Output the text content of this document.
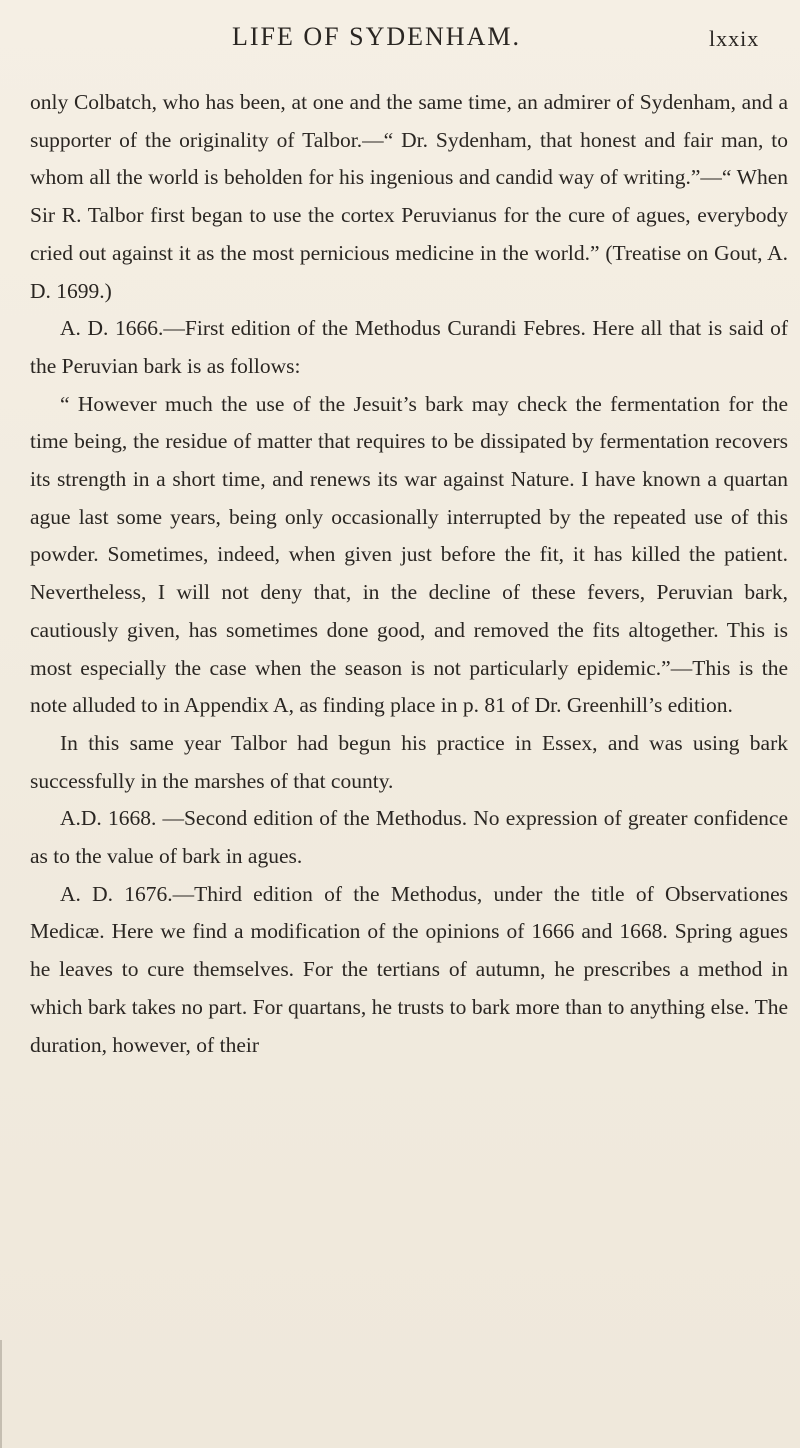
LIFE OF SYDENHAM.	lxxix

only Colbatch, who has been, at one and the same time, an admirer of Sydenham, and a supporter of the originality of Talbor.—“ Dr. Sydenham, that honest and fair man, to whom all the world is beholden for his ingenious and candid way of writing.”—“ When Sir R. Talbor first began to use the cortex Peruvianus for the cure of agues, everybody cried out against it as the most pernicious medicine in the world.” (Treatise on Gout, A. D. 1699.)

A. D. 1666.—First edition of the Methodus Curandi Febres. Here all that is said of the Peruvian bark is as follows:

“ However much the use of the Jesuit’s bark may check the fermentation for the time being, the residue of matter that requires to be dissipated by fermentation recovers its strength in a short time, and renews its war against Nature. I have known a quartan ague last some years, being only occasionally interrupted by the repeated use of this powder. Sometimes, indeed, when given just before the fit, it has killed the patient. Nevertheless, I will not deny that, in the decline of these fevers, Peruvian bark, cautiously given, has sometimes done good, and removed the fits altogether. This is most especially the case when the season is not particularly epidemic.”—This is the note alluded to in Appendix A, as finding place in p. 81 of Dr. Greenhill’s edition.

In this same year Talbor had begun his practice in Essex, and was using bark successfully in the marshes of that county.

A.D. 1668. —Second edition of the Methodus. No expression of greater confidence as to the value of bark in agues.

A. D. 1676.—Third edition of the Methodus, under the title of Observationes Medicæ. Here we find a modification of the opinions of 1666 and 1668. Spring agues he leaves to cure themselves. For the tertians of autumn, he prescribes a method in which bark takes no part. For quartans, he trusts to bark more than to anything else. The duration, however, of their
